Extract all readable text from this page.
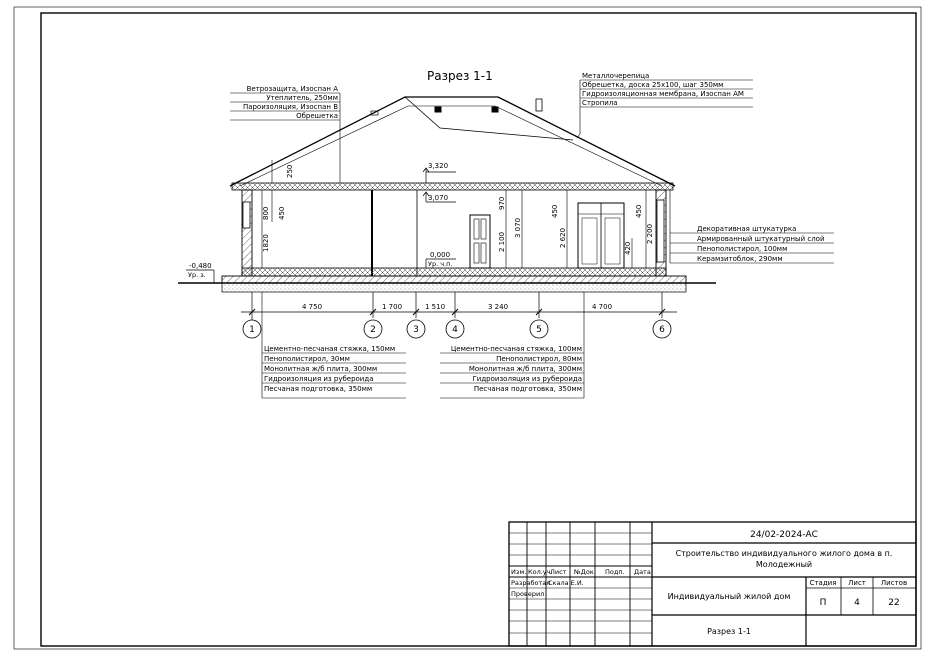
Разрез 1-1	Металлочерепица
Обрешетка, доска 25х100, шаг 350мм
Гидроизоляционная мембрана, Изоспан АМ
Стропила
Ветрозащита, Изоспан А
Утеплитель, 250мм
Пароизоляция, Изоспан В
Обрешетка
Декоративная штукатурка
Армированный штукатурный слой
Пенополистирол, 100мм
Керамзитоблок, 290мм
3,320
3,070
0,000
Ур. ч.п.
-0,480
Ур. з.
250
800 450
1820
970
2 100
3 070
450
2 620
450
2 200
420
4 750	1 700	1 510	3 240	4 700
1	2	3	4	5	6
Цементно-песчаная стяжка, 150мм
Пенополистирол, 30мм
Монолитная ж/б плита, 300мм
Гидроизоляция из рубероида
Песчаная подготовка, 350мм
Цементно-песчаная стяжка, 100мм
Пенополистирол, 80мм
Монолитная ж/б плита, 300мм
Гидроизоляция из рубероида
Песчаная подготовка, 350мм
Изм. Кол.уч.
Лист №Док. Подп. Дата
Разработал
Скала Е.И.
Проверил
24/02-2024-АС
Строительство индивидуального жилого дома в п.
Молодежный
Индивидуальный жилой дом
Разрез 1-1
Стадия Лист Листов
П	4	22
